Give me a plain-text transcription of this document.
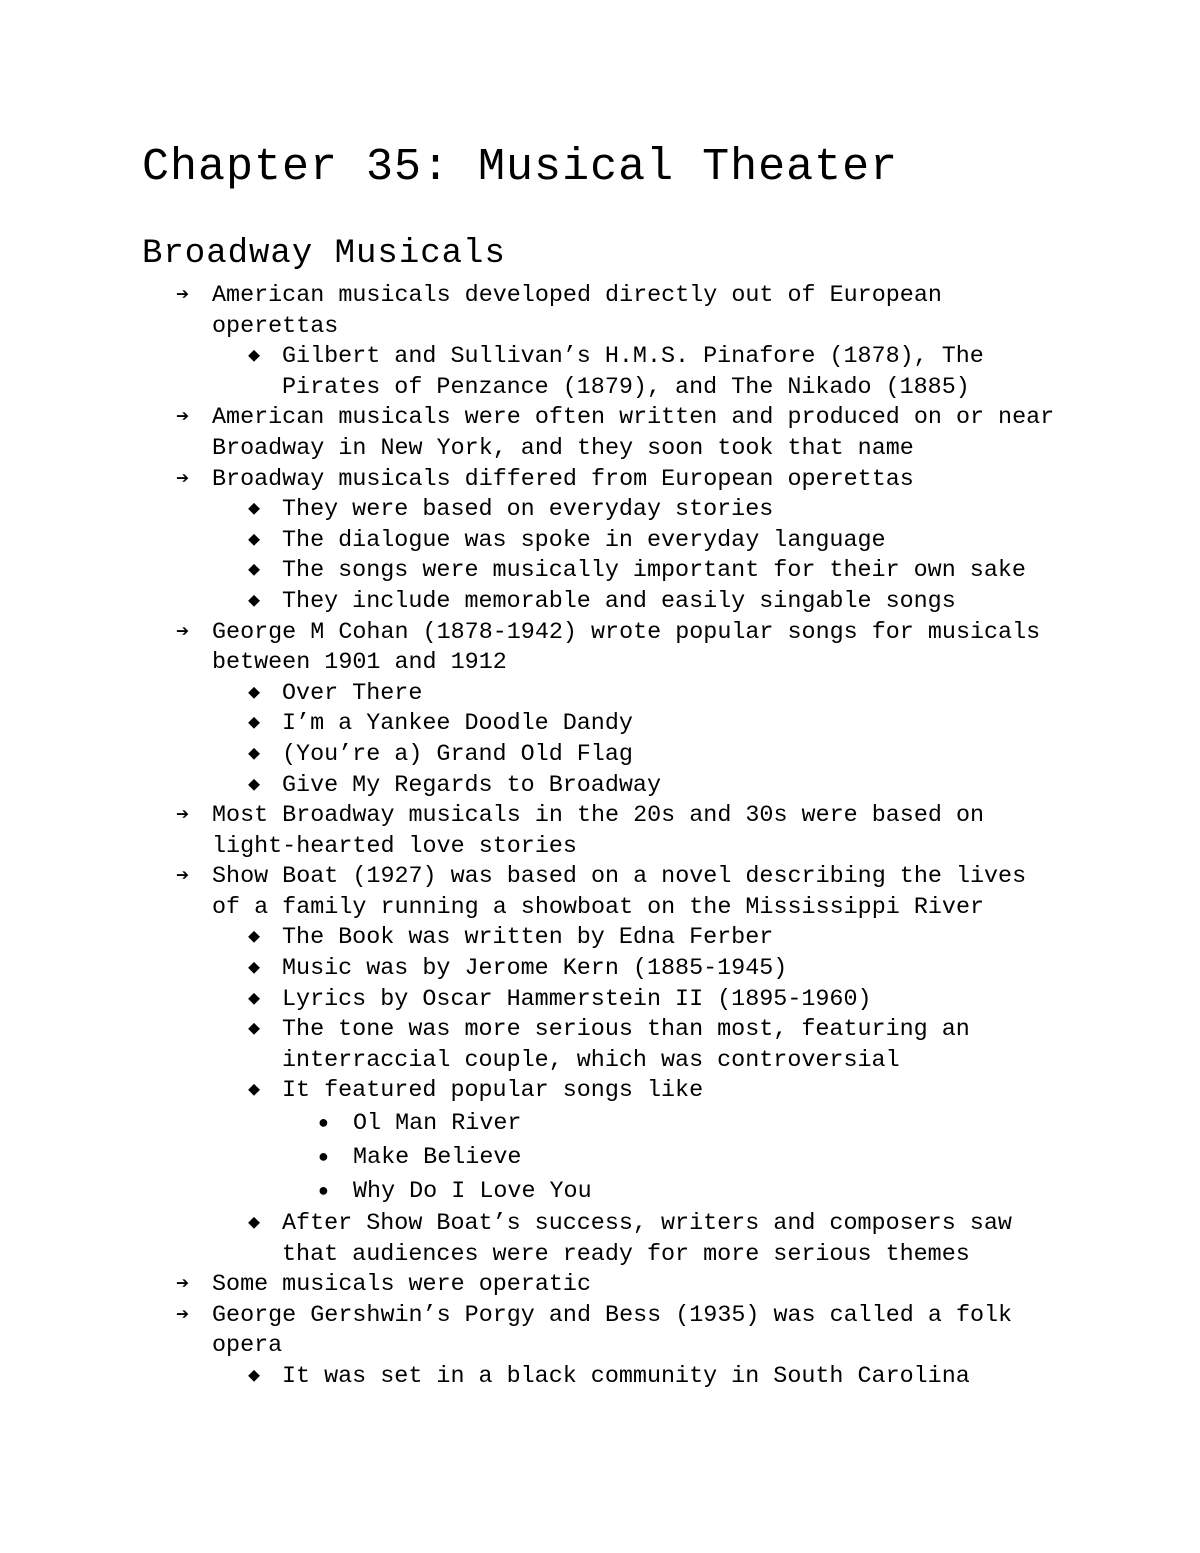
Chapter 35: Musical Theater
Broadway Musicals
➔ American musicals developed directly out of European operettas
◆ Gilbert and Sullivan’s H.M.S. Pinafore (1878), The Pirates of Penzance (1879), and The Nikado (1885)
➔ American musicals were often written and produced on or near Broadway in New York, and they soon took that name
➔ Broadway musicals differed from European operettas
◆ They were based on everyday stories
◆ The dialogue was spoke in everyday language
◆ The songs were musically important for their own sake
◆ They include memorable and easily singable songs
➔ George M Cohan (1878-1942) wrote popular songs for musicals between 1901 and 1912
◆ Over There
◆ I’m a Yankee Doodle Dandy
◆ (You’re a) Grand Old Flag
◆ Give My Regards to Broadway
➔ Most Broadway musicals in the 20s and 30s were based on light-hearted love stories
➔ Show Boat (1927) was based on a novel describing the lives of a family running a showboat on the Mississippi River
◆ The Book was written by Edna Ferber
◆ Music was by Jerome Kern (1885-1945)
◆ Lyrics by Oscar Hammerstein II (1895-1960)
◆ The tone was more serious than most, featuring an interraccial couple, which was controversial
◆ It featured popular songs like
● Ol Man River
● Make Believe
● Why Do I Love You
◆ After Show Boat’s success, writers and composers saw that audiences were ready for more serious themes
➔ Some musicals were operatic
➔ George Gershwin’s Porgy and Bess (1935) was called a folk opera
◆ It was set in a black community in South Carolina
